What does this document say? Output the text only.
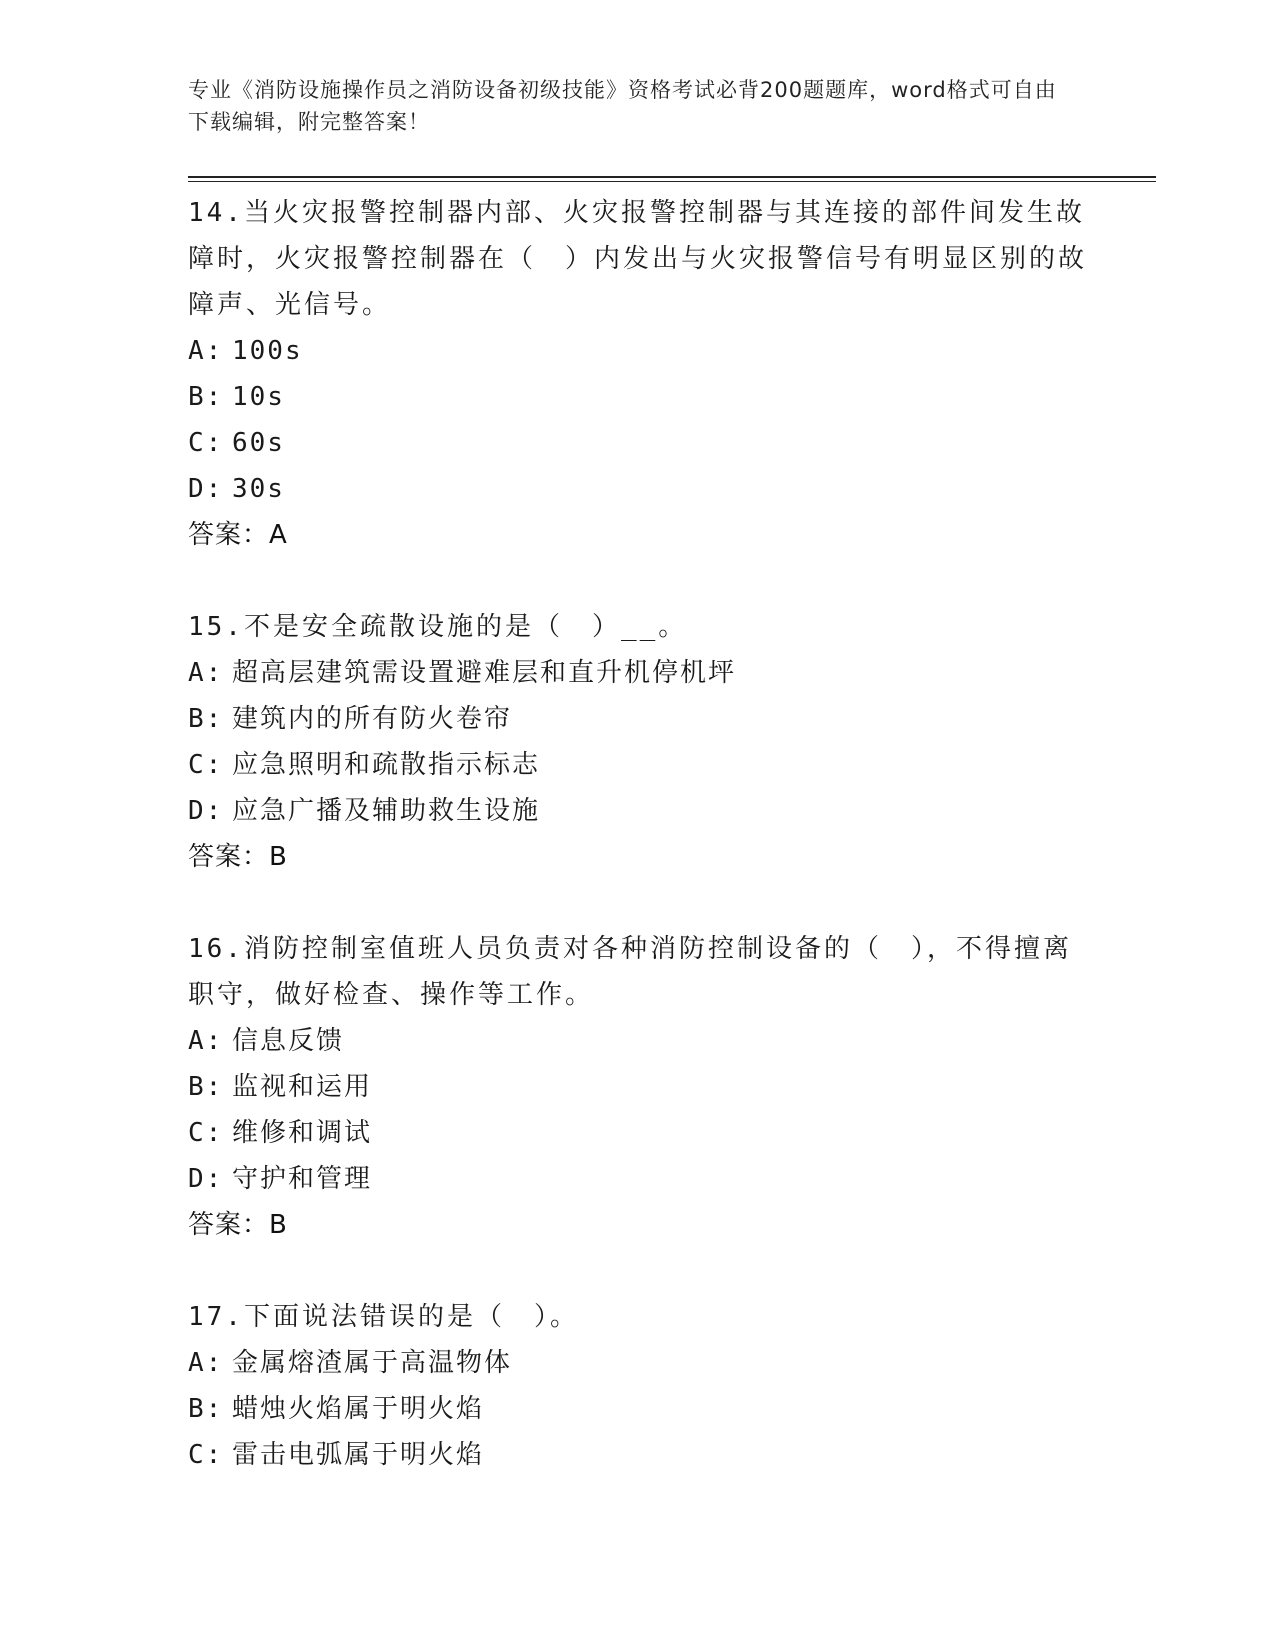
专业《消防设施操作员之消防设备初级技能》资格考试必背200题题库，word格式可自由下载编辑，附完整答案！
14.当火灾报警控制器内部、火灾报警控制器与其连接的部件间发生故障时，火灾报警控制器在（　）内发出与火灾报警信号有明显区别的故障声、光信号。
A: 100s
B: 10s
C: 60s
D: 30s
答案：A
15.不是安全疏散设施的是（　）__。
A: 超高层建筑需设置避难层和直升机停机坪
B: 建筑内的所有防火卷帘
C: 应急照明和疏散指示标志
D: 应急广播及辅助救生设施
答案：B
16.消防控制室值班人员负责对各种消防控制设备的（　），不得擅离职守，做好检查、操作等工作。
A: 信息反馈
B: 监视和运用
C: 维修和调试
D: 守护和管理
答案：B
17.下面说法错误的是（　）。
A: 金属熔渣属于高温物体
B: 蜡烛火焰属于明火焰
C: 雷击电弧属于明火焰
